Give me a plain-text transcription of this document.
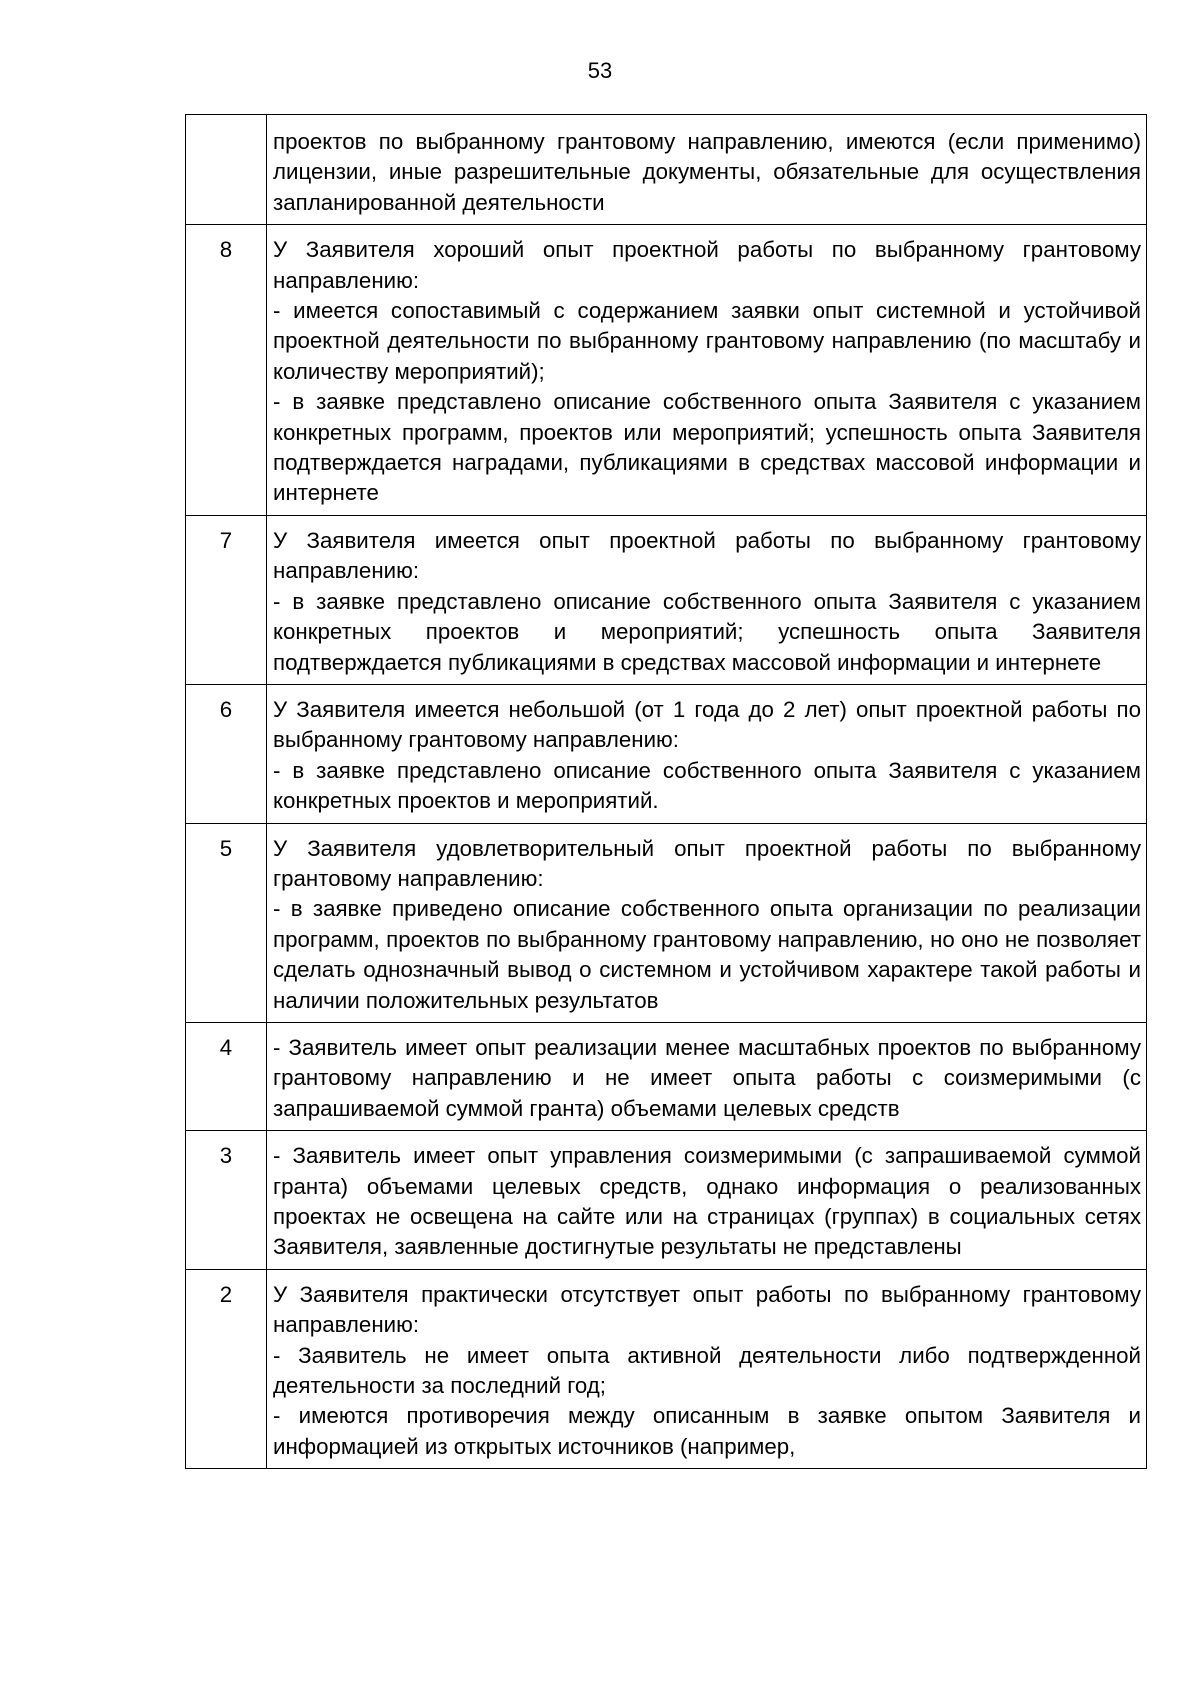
53

	проектов по выбранному грантовому направлению, имеются (если применимо) лицензии, иные разрешительные документы, обязательные для осуществления запланированной деятельности

8	У Заявителя хороший опыт проектной работы по выбранному грантовому направлению:
- имеется сопоставимый с содержанием заявки опыт системной и устойчивой проектной деятельности по выбранному грантовому направлению (по масштабу и количеству мероприятий);
- в заявке представлено описание собственного опыта Заявителя с указанием конкретных программ, проектов или мероприятий; успешность опыта Заявителя подтверждается наградами, публикациями в средствах массовой информации и интернете

7	У Заявителя имеется опыт проектной работы по выбранному грантовому направлению:
- в заявке представлено описание собственного опыта Заявителя с указанием конкретных проектов и мероприятий; успешность опыта Заявителя подтверждается публикациями в средствах массовой информации и интернете

6	У Заявителя имеется небольшой (от 1 года до 2 лет) опыт проектной работы по выбранному грантовому направлению:
- в заявке представлено описание собственного опыта Заявителя с указанием конкретных проектов и мероприятий.

5	У Заявителя удовлетворительный опыт проектной работы по выбранному грантовому направлению:
- в заявке приведено описание собственного опыта организации по реализации программ, проектов по выбранному грантовому направлению, но оно не позволяет сделать однозначный вывод о системном и устойчивом характере такой работы и наличии положительных результатов

4	- Заявитель имеет опыт реализации менее масштабных проектов по выбранному грантовому направлению и не имеет опыта работы с соизмеримыми (с запрашиваемой суммой гранта) объемами целевых средств

3	- Заявитель имеет опыт управления соизмеримыми (с запрашиваемой суммой гранта) объемами целевых средств, однако информация о реализованных проектах не освещена на сайте или на страницах (группах) в социальных сетях Заявителя, заявленные достигнутые результаты не представлены

2	У Заявителя практически отсутствует опыт работы по выбранному грантовому направлению:
- Заявитель не имеет опыта активной деятельности либо подтвержденной деятельности за последний год;
- имеются противоречия между описанным в заявке опытом Заявителя и информацией из открытых источников (например,
